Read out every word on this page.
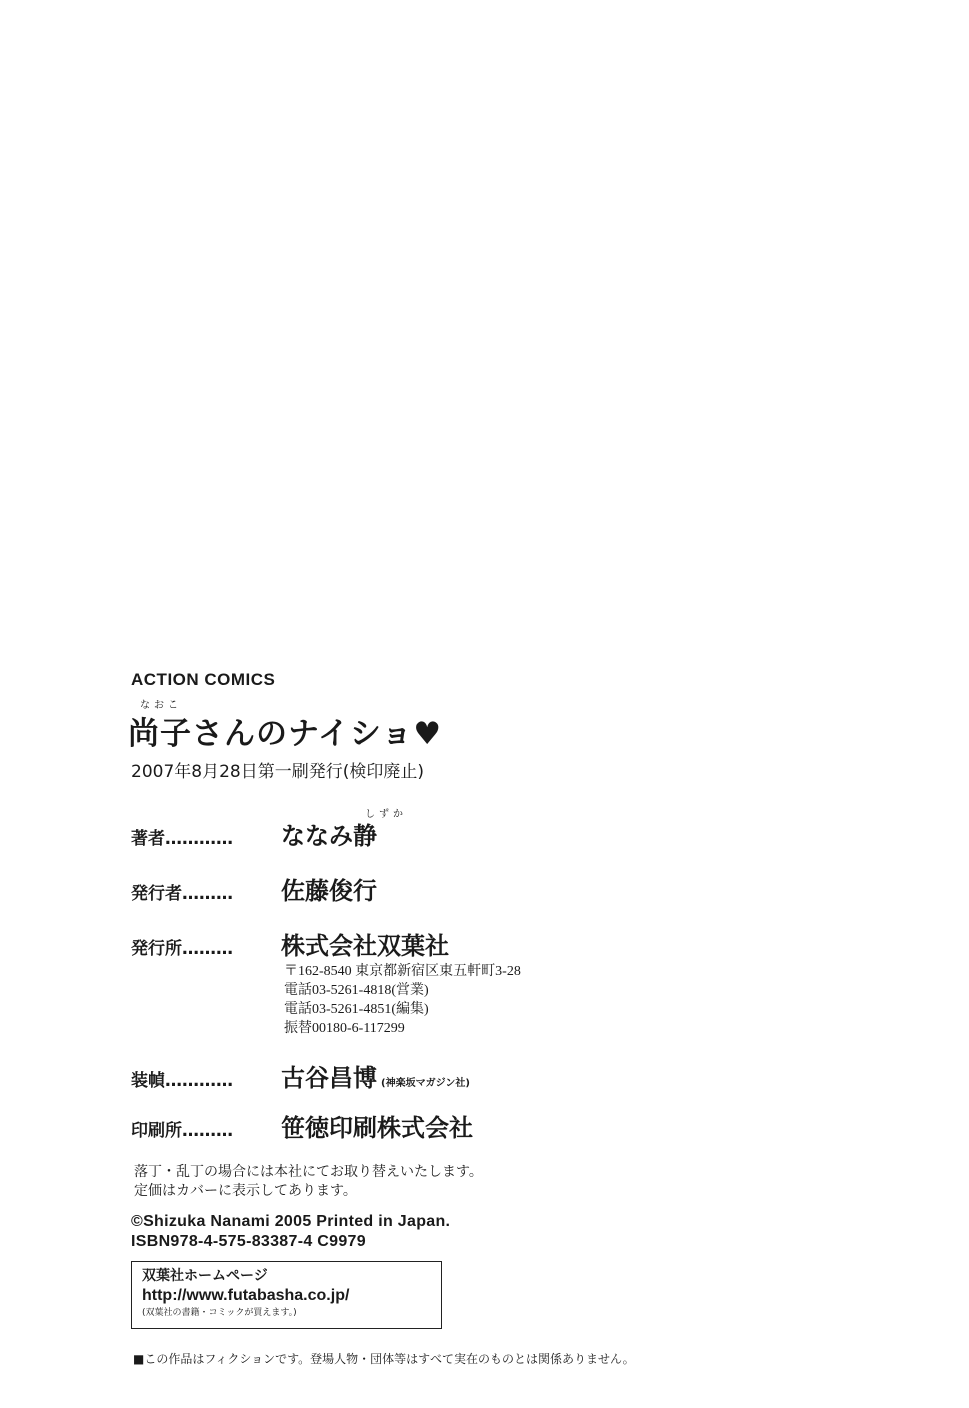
ACTION COMICS
なおこ
尚子さんのナイショ♥
2007年8月28日第一刷発行(検印廃止)
しずか
著者………… ななみ静
発行者……… 佐藤俊行
発行所……… 株式会社双葉社
〒162-8540 東京都新宿区東五軒町3-28
電話03-5261-4818(営業)
電話03-5261-4851(編集)
振替00180-6-117299
装幀………… 古谷昌博 (神楽坂マガジン社)
印刷所……… 笹徳印刷株式会社
落丁・乱丁の場合には本社にてお取り替えいたします。
定価はカバーに表示してあります。
©Shizuka Nanami 2005 Printed in Japan.
ISBN978-4-575-83387-4 C9979
双葉社ホームページ
http://www.futabasha.co.jp/
(双葉社の書籍・コミックが買えます。)
■この作品はフィクションです。登場人物・団体等はすべて実在のものとは関係ありません。
